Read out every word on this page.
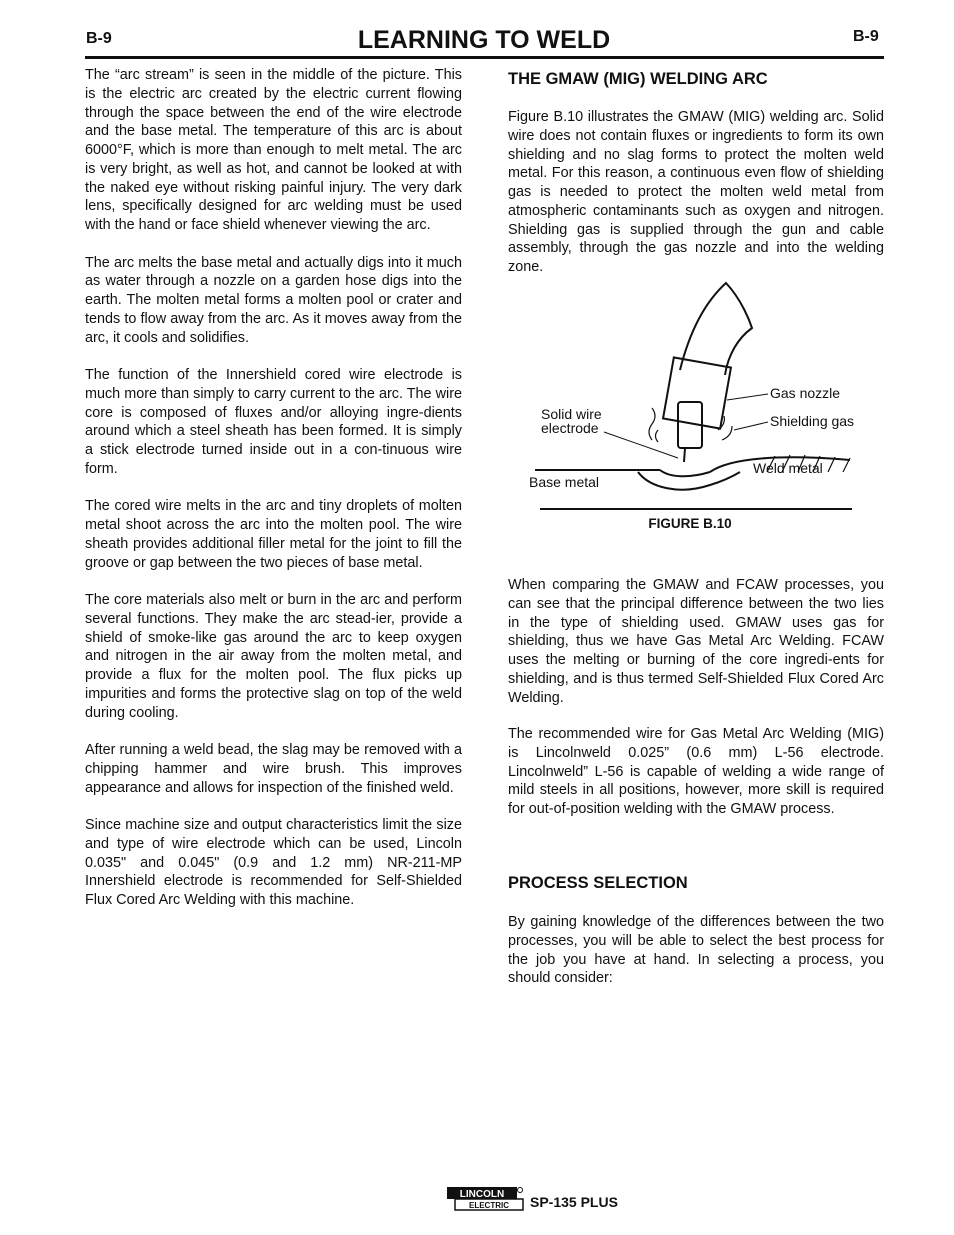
B-9	LEARNING TO WELD	B-9

The “arc stream” is seen in the middle of the picture. This is the electric arc created by the electric current flowing through the space between the end of the wire electrode and the base metal. The temperature of this arc is about 6000°F, which is more than enough to melt metal. The arc is very bright, as well as hot, and cannot be looked at with the naked eye without risking painful injury. The very dark lens, specifically designed for arc welding must be used with the hand or face shield whenever viewing the arc.

The arc melts the base metal and actually digs into it much as water through a nozzle on a garden hose digs into the earth. The molten metal forms a molten pool or crater and tends to flow away from the arc. As it moves away from the arc, it cools and solidifies.

The function of the Innershield cored wire electrode is much more than simply to carry current to the arc. The wire core is composed of fluxes and/or alloying ingre-dients around which a steel sheath has been formed. It is simply a stick electrode turned inside out in a con-tinuous wire form.

The cored wire melts in the arc and tiny droplets of molten metal shoot across the arc into the molten pool. The wire sheath provides additional filler metal for the joint to fill the groove or gap between the two pieces of base metal.

The core materials also melt or burn in the arc and perform several functions. They make the arc stead-ier, provide a shield of smoke-like gas around the arc to keep oxygen and nitrogen in the air away from the molten metal, and provide a flux for the molten pool. The flux picks up impurities and forms the protective slag on top of the weld during cooling.

After running a weld bead, the slag may be removed with a chipping hammer and wire brush. This improves appearance and allows for inspection of the finished weld.

Since machine size and output characteristics limit the size and type of wire electrode which can be used, Lincoln 0.035" and 0.045" (0.9 and 1.2 mm) NR-211-MP Innershield electrode is recommended for Self-Shielded Flux Cored Arc Welding with this machine.

THE GMAW (MIG) WELDING ARC
Figure B.10 illustrates the GMAW (MIG) welding arc. Solid wire does not contain fluxes or ingredients to form its own shielding and no slag forms to protect the molten weld metal. For this reason, a continuous even flow of shielding gas is needed to protect the molten weld metal from atmospheric contaminants such as oxygen and nitrogen. Shielding gas is supplied through the gun and cable assembly, through the gas nozzle and into the welding zone.
Gas nozzle
Shielding gas
Solid wire
electrode
Weld metal
Base metal
FIGURE B.10
When comparing the GMAW and FCAW processes, you can see that the principal difference between the two lies in the type of shielding used. GMAW uses gas for shielding, thus we have Gas Metal Arc Welding. FCAW uses the melting or burning of the core ingredi-ents for shielding, and is thus termed Self-Shielded Flux Cored Arc Welding.
The recommended wire for Gas Metal Arc Welding (MIG) is Lincolnweld 0.025” (0.6 mm) L-56 electrode. Lincolnweld” L-56 is capable of welding a wide range of mild steels in all positions, however, more skill is required for out-of-position welding with the GMAW process.
PROCESS SELECTION
By gaining knowledge of the differences between the two processes, you will be able to select the best process for the job you have at hand. In selecting a process, you should consider:
LINCOLN
ELECTRIC SP-135 PLUS
